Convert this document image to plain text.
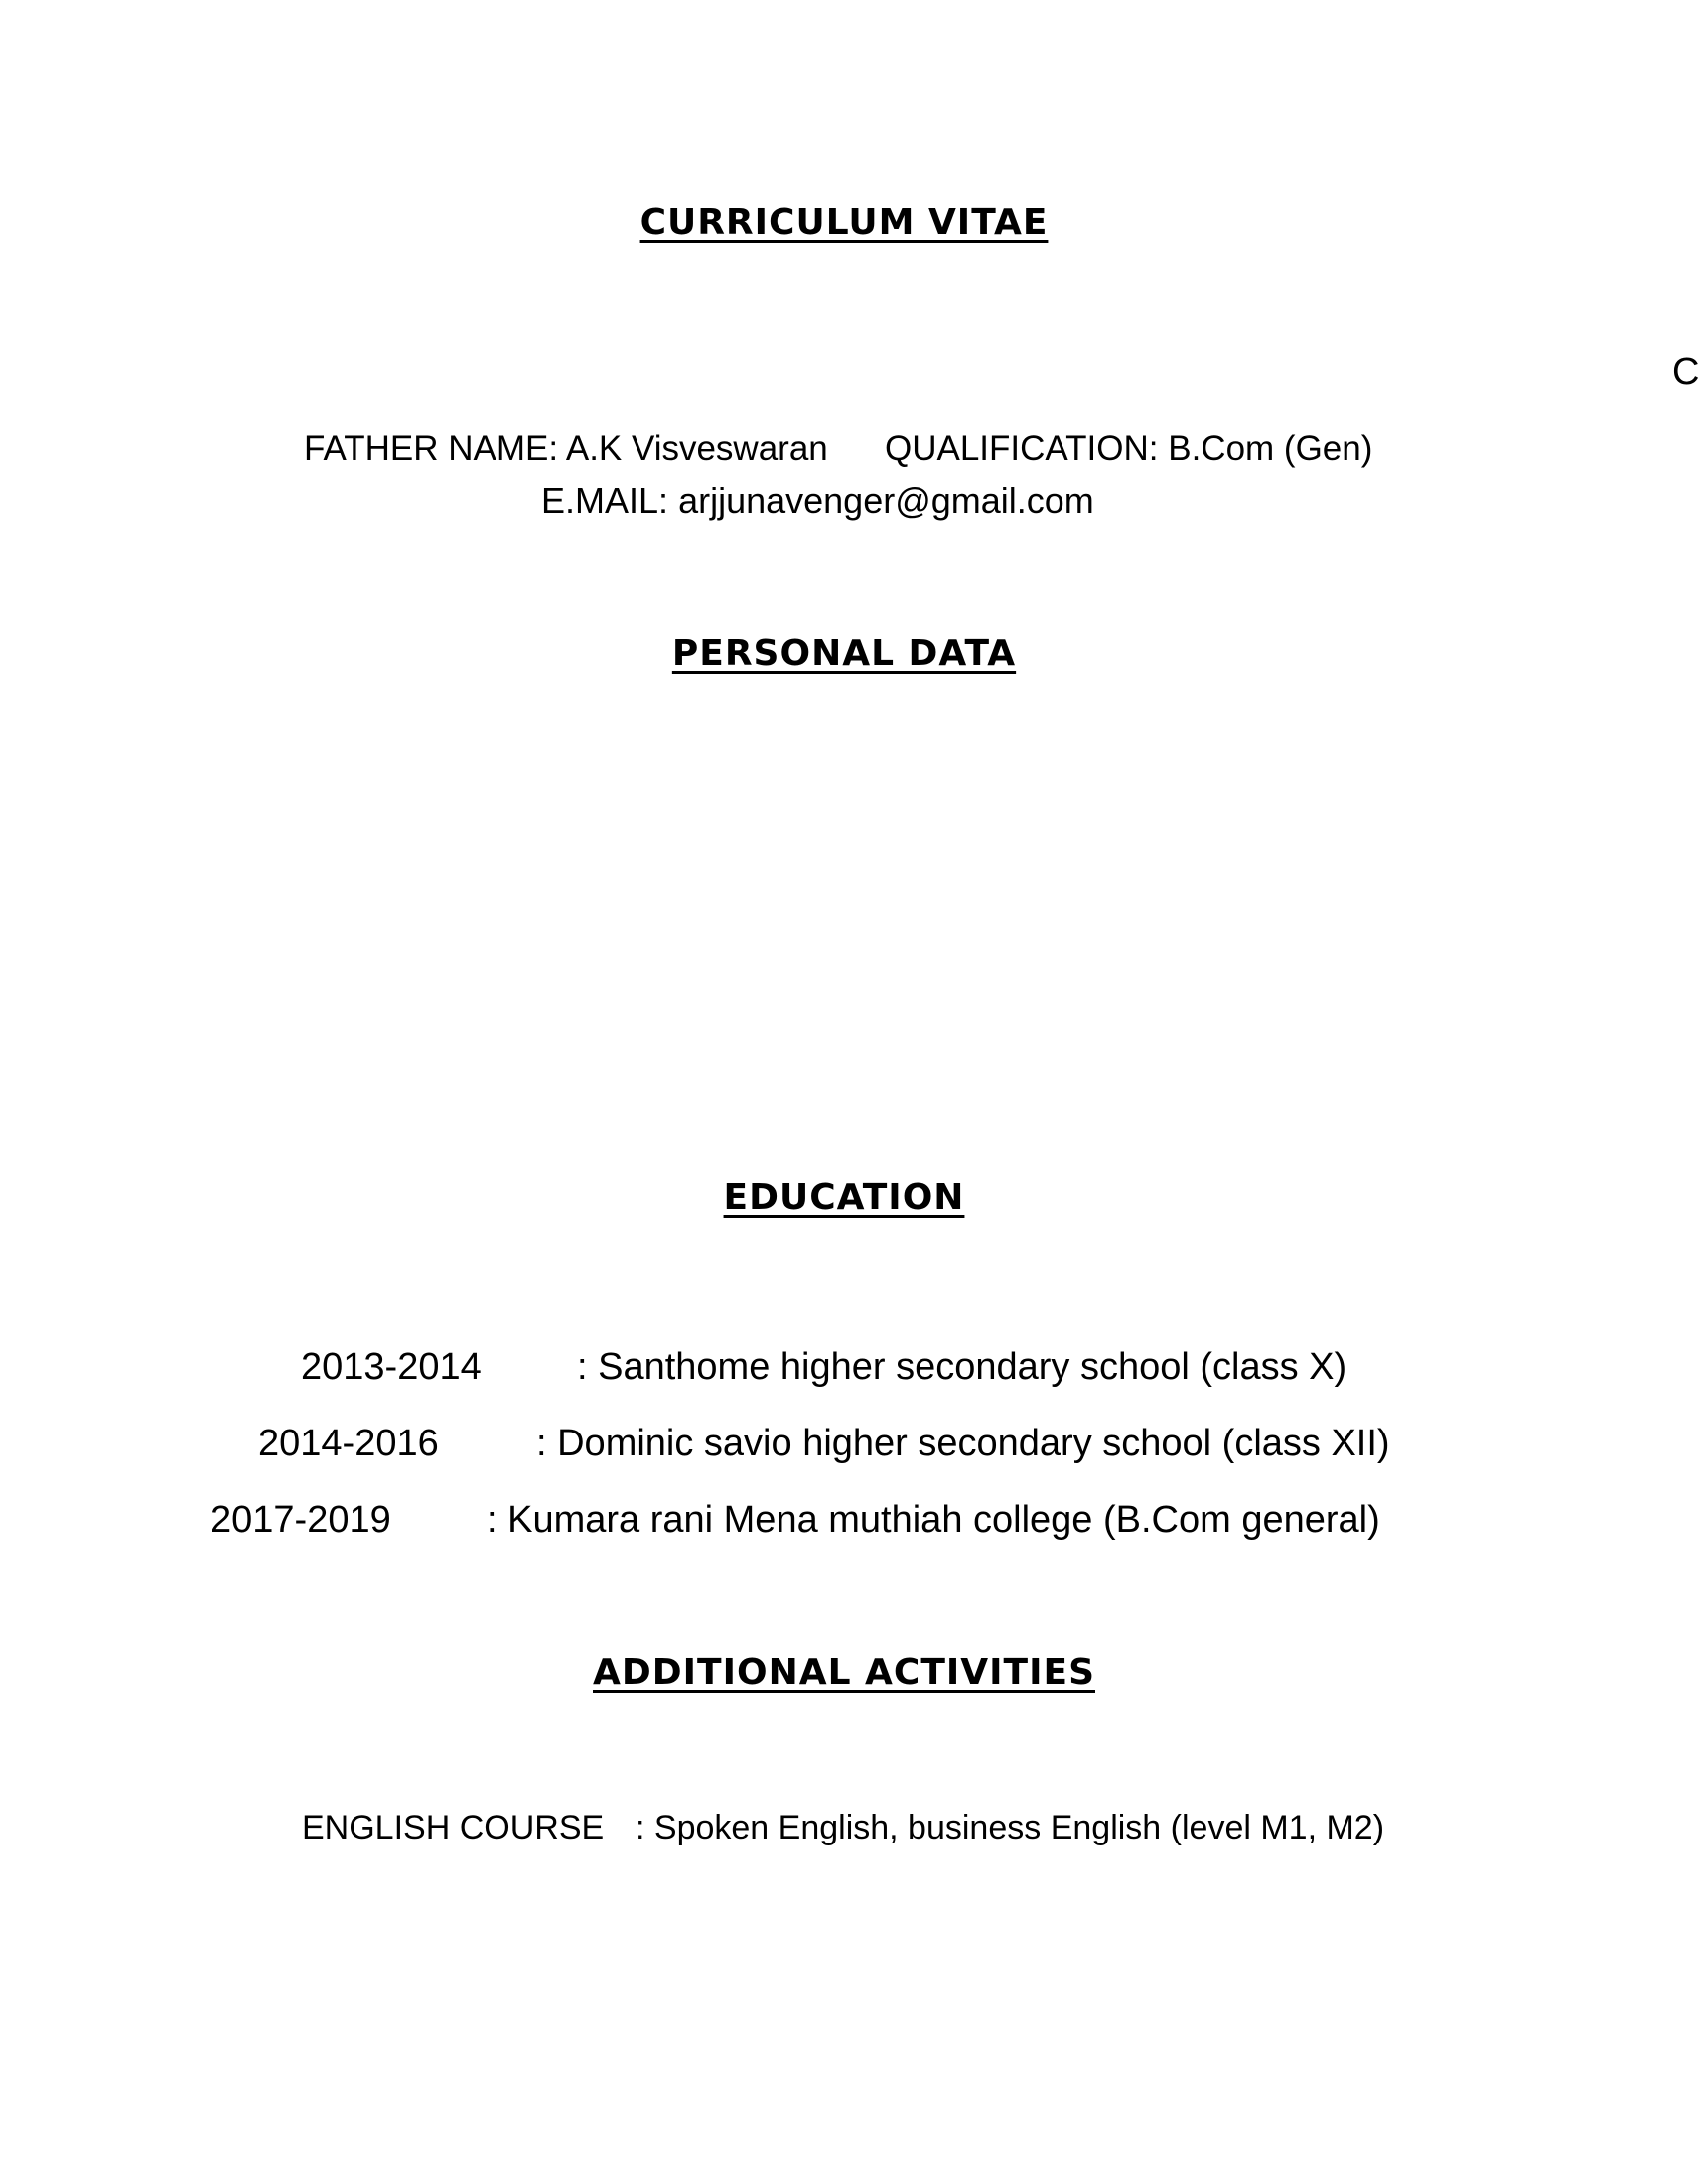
CURRICULUM VITAE
C
FATHER NAME: A.K Visveswaran QUALIFICATION: B.Com (Gen)
E.MAIL: arjjunavenger@gmail.com
PERSONAL DATA
EDUCATION
2013-2014	: Santhome higher secondary school (class X)
2014-2016	: Dominic savio higher secondary school (class XII)
2017-2019	: Kumara rani Mena muthiah college (B.Com general)
ADDITIONAL ACTIVITIES
ENGLISH COURSE : Spoken English, business English (level M1, M2)
